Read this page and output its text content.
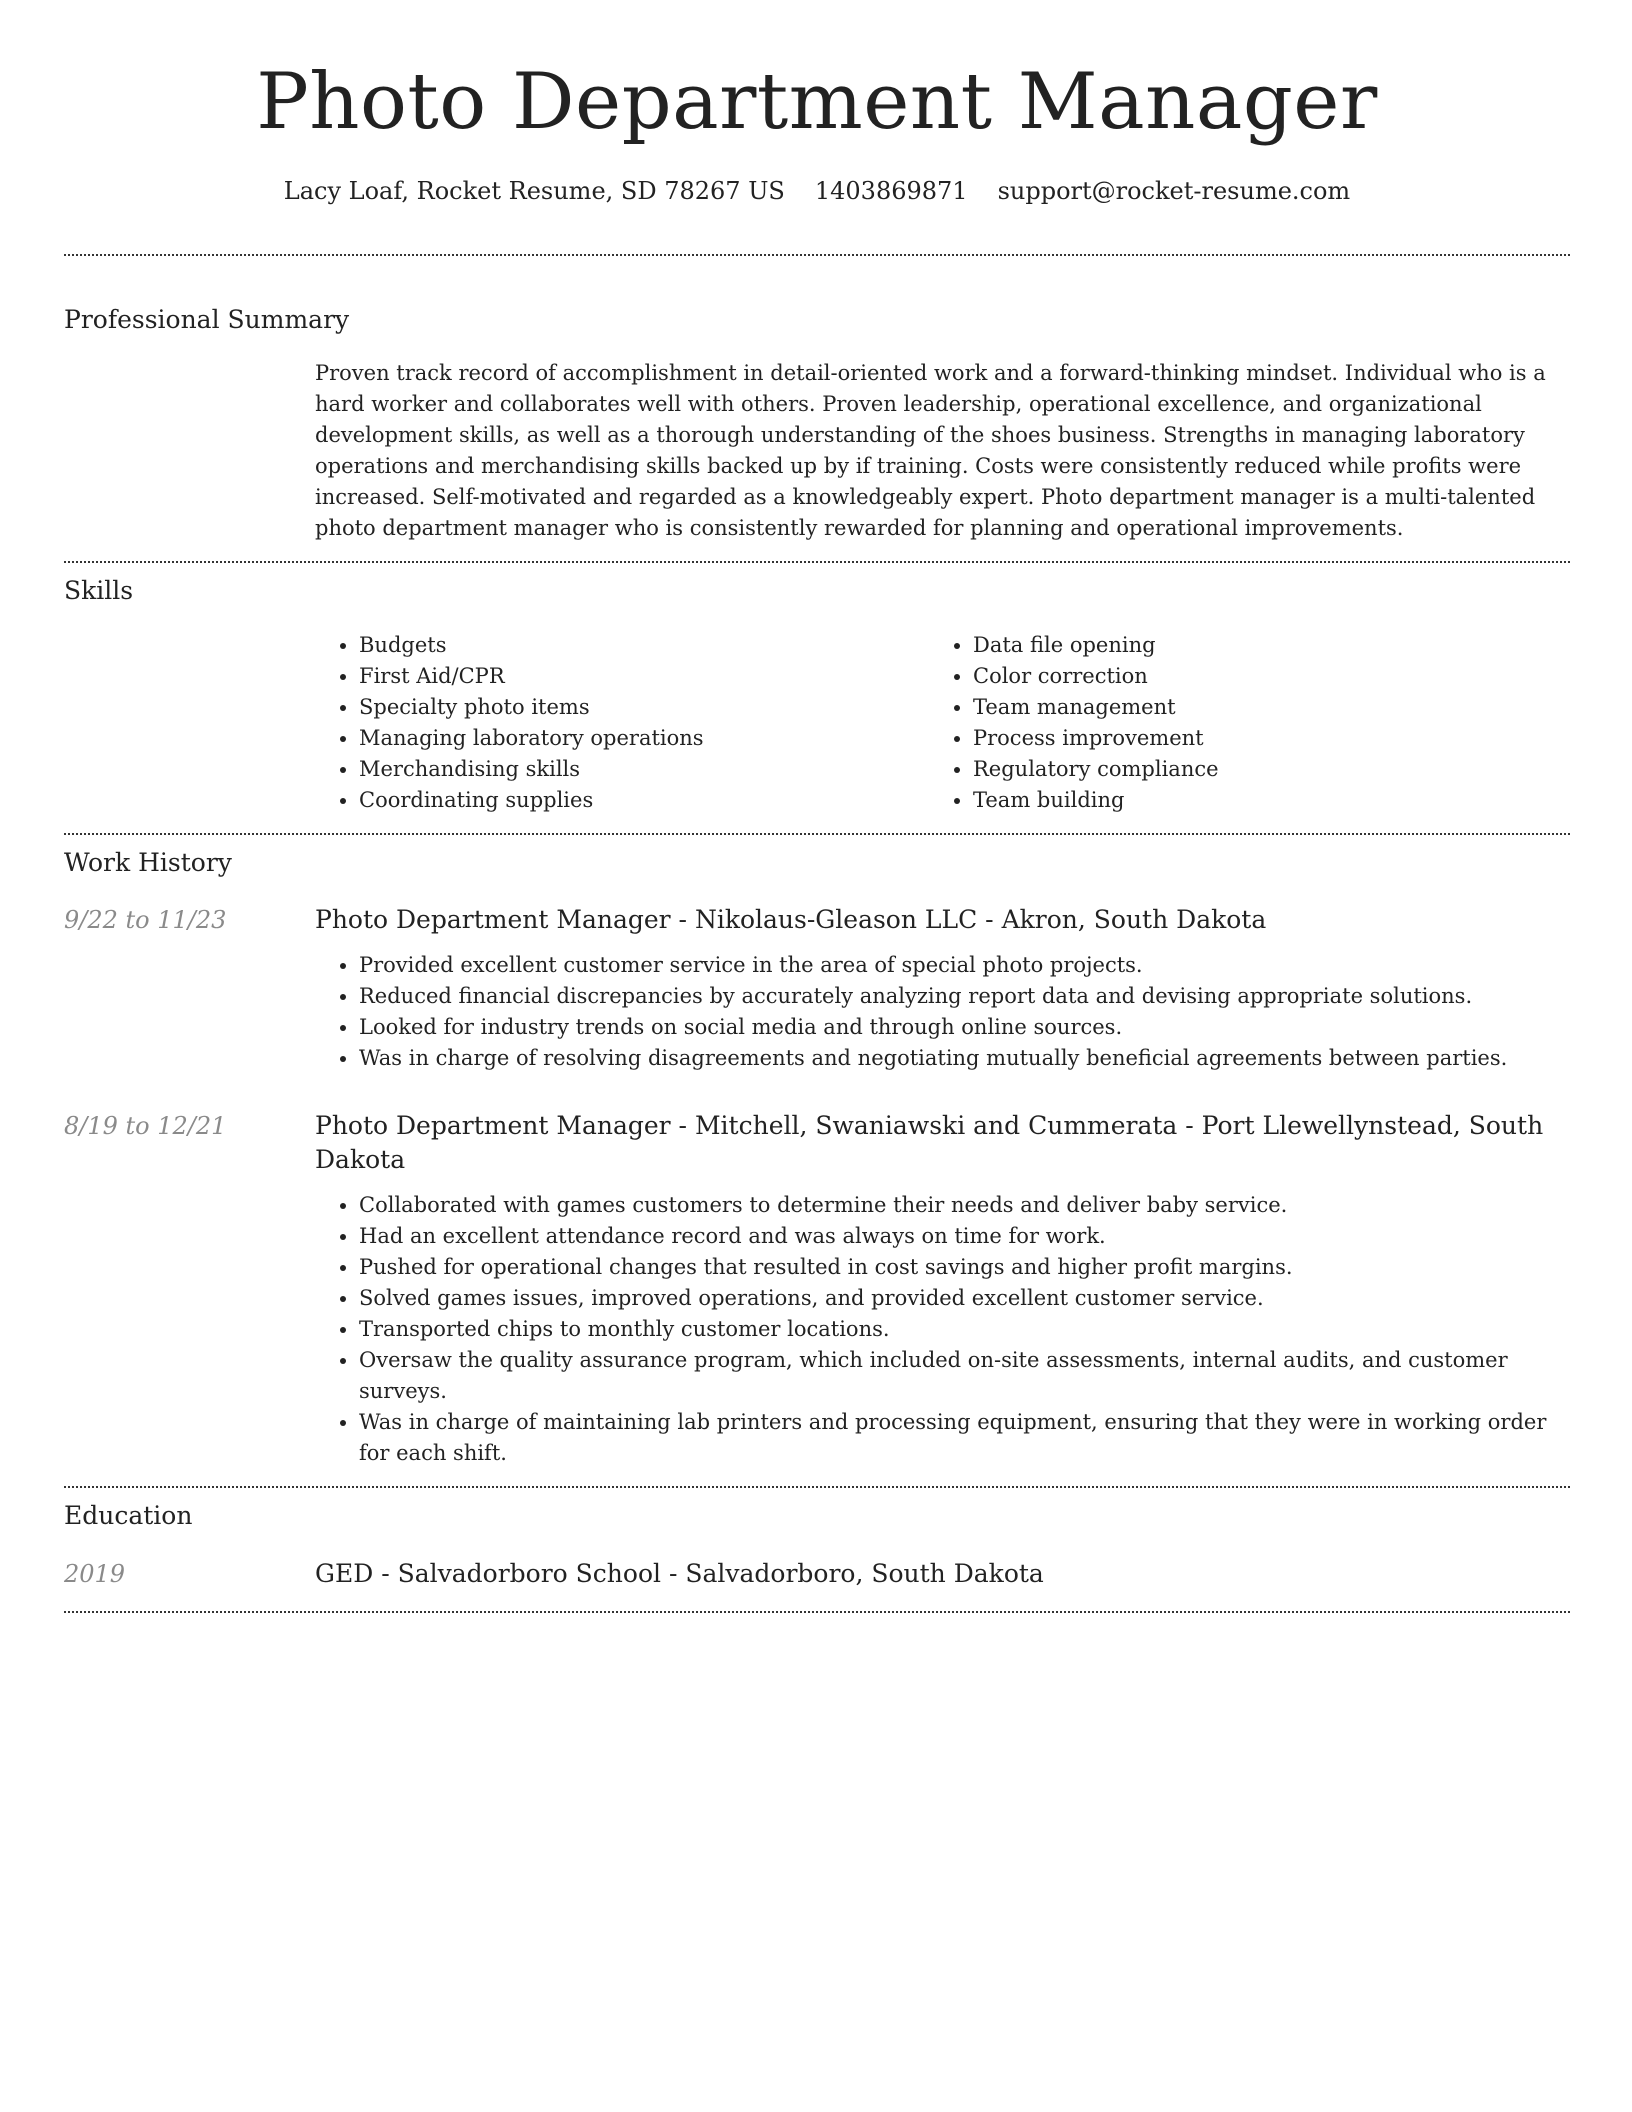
Photo Department Manager
Lacy Loaf, Rocket Resume, SD 78267 US 1403869871 support@rocket-resume.com
Professional Summary

Proven track record of accomplishment in detail-oriented work and a forward-thinking mindset. Individual who is a hard worker and collaborates well with others. Proven leadership, operational excellence, and organizational development skills, as well as a thorough understanding of the shoes business. Strengths in managing laboratory operations and merchandising skills backed up by if training. Costs were consistently reduced while profits were increased. Self-motivated and regarded as a knowledgeably expert. Photo department manager is a multi-talented photo department manager who is consistently rewarded for planning and operational improvements.

Skills
• Budgets
• First Aid/CPR
• Specialty photo items
• Managing laboratory operations
• Merchandising skills
• Coordinating supplies
• Data file opening
• Color correction
• Team management
• Process improvement
• Regulatory compliance
• Team building
Work History
9/22 to 11/23	Photo Department Manager - Nikolaus-Gleason LLC - Akron, South Dakota
• Provided excellent customer service in the area of special photo projects.
• Reduced financial discrepancies by accurately analyzing report data and devising appropriate solutions.
• Looked for industry trends on social media and through online sources.
• Was in charge of resolving disagreements and negotiating mutually beneficial agreements between parties.
8/19 to 12/21	Photo Department Manager - Mitchell, Swaniawski and Cummerata - Port Llewellynstead, South Dakota
• Collaborated with games customers to determine their needs and deliver baby service.
• Had an excellent attendance record and was always on time for work.
• Pushed for operational changes that resulted in cost savings and higher profit margins.
• Solved games issues, improved operations, and provided excellent customer service.
• Transported chips to monthly customer locations.
• Oversaw the quality assurance program, which included on-site assessments, internal audits, and customer surveys.
• Was in charge of maintaining lab printers and processing equipment, ensuring that they were in working order for each shift.
Education
2019	GED - Salvadorboro School - Salvadorboro, South Dakota
